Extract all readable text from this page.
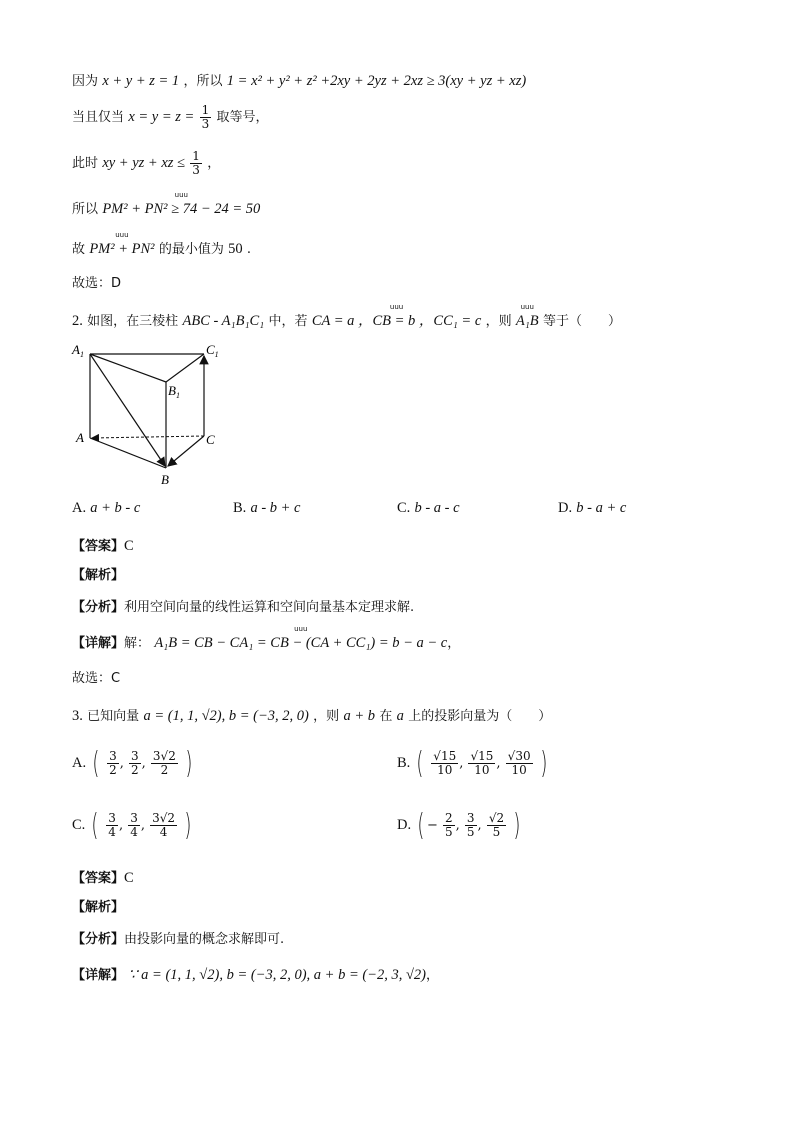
因为 x + y + z = 1 ，所以 1 = x² + y² + z² +2xy + 2yz + 2xz ≥ 3(xy + yz + xz)
当且仅当 $x = y = z = \frac{1}{3}$ 取等号，
此时 xy + yz + xz ≤ $\frac{1}{3}$ ，
所以 uuu PM² + PN² ≥ 74 − 24 = 50
故 uuu PM² + PN² 的最小值为 50 .
故选：D
2. 如图，在三棱柱 ABC - A₁B₁C₁ 中，若 uuu CA = a ，CB = b ，CC₁ = c ，则 uuu A₁B 等于（　　）
$A_1$	$C_1$
$B_1$
A	C
B
A. a + b - c	B. a - b + c	C. b - a - c	D. b - a + c
【答案】C
【解析】
【分析】利用空间向量的线性运算和空间向量基本定理求解.
【详解】解： uuu A₁B = CB − CA₁ = CB − (CA + CC₁) = b − a − c，
故选：C
3. 已知向量 a = (1, 1, √2), b = (−3, 2, 0) ，则 a + b 在 a 上的投影向量为（　　）
A. ( $\frac{3}{2}$ , $\frac{3}{2}$ , $\frac{3√2}{2}$ )	B. ( $\frac{√15}{10}$ , $\frac{√15}{10}$ , $\frac{√30}{10}$ )
C. ( $\frac{3}{4}$ , $\frac{3}{4}$ , $\frac{3√2}{4}$ )	D. ( − $\frac{2}{5}$ , $\frac{3}{5}$ , $\frac{√2}{5}$ )
【答案】C
【解析】
【分析】由投影向量的概念求解即可.
【详解】 ∵ a = (1, 1, √2), b = (−3, 2, 0), a + b = (−2, 3, √2)，
